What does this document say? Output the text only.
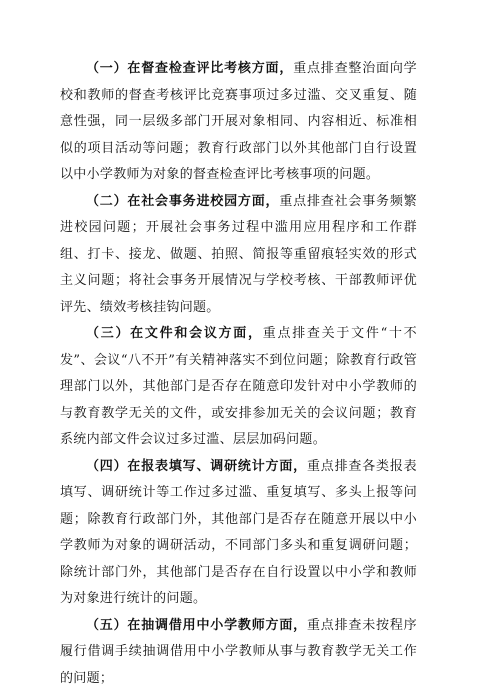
（一）在督查检查评比考核方面，重点排查整治面向学校和教师的督查考核评比竞赛事项过多过滥、交叉重复、随意性强，同一层级多部门开展对象相同、内容相近、标准相似的项目活动等问题；教育行政部门以外其他部门自行设置以中小学教师为对象的督查检查评比考核事项的问题。

（二）在社会事务进校园方面，重点排查社会事务频繁进校园问题；开展社会事务过程中滥用应用程序和工作群组、打卡、接龙、做题、拍照、简报等重留痕轻实效的形式主义问题；将社会事务开展情况与学校考核、干部教师评优评先、绩效考核挂钩问题。

（三）在文件和会议方面，重点排查关于文件“十不发”、会议“八不开”有关精神落实不到位问题；除教育行政管理部门以外，其他部门是否存在随意印发针对中小学教师的与教育教学无关的文件，或安排参加无关的会议问题；教育系统内部文件会议过多过滥、层层加码问题。

（四）在报表填写、调研统计方面，重点排查各类报表填写、调研统计等工作过多过滥、重复填写、多头上报等问题；除教育行政部门外，其他部门是否存在随意开展以中小学教师为对象的调研活动，不同部门多头和重复调研问题；除统计部门外，其他部门是否存在自行设置以中小学和教师为对象进行统计的问题。

（五）在抽调借用中小学教师方面，重点排查未按程序履行借调手续抽调借用中小学教师从事与教育教学无关工作的问题；
